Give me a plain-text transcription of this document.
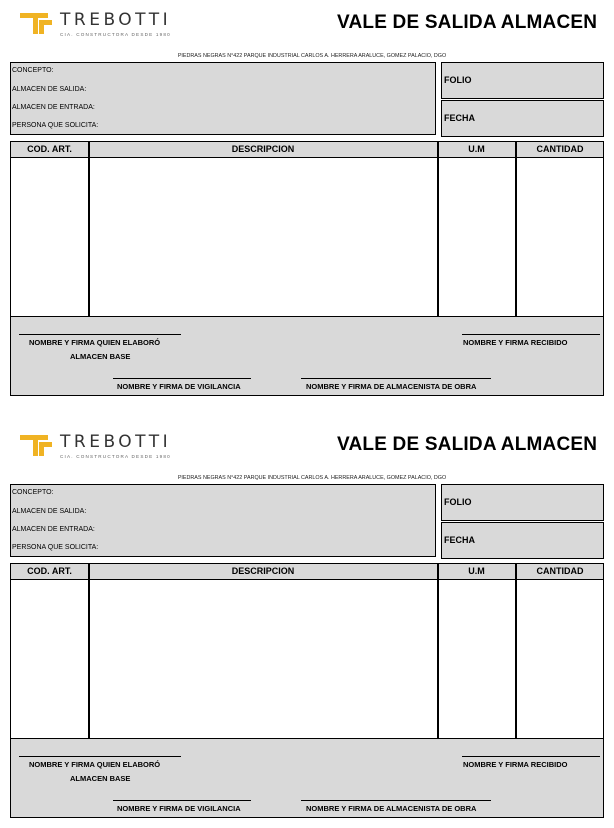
TREBOTTI
CIA. CONSTRUCTORA DESDE 1980
VALE DE SALIDA ALMACEN
PIEDRAS NEGRAS N°422 PARQUE INDUSTRIAL CARLOS A. HERRERA ARALUCE, GOMEZ PALACIO, DGO
CONCEPTO:
ALMACEN DE SALIDA:
ALMACEN DE ENTRADA:
PERSONA QUE SOLICITA:
FOLIO
FECHA
COD. ART.	DESCRIPCION	U.M	CANTIDAD
NOMBRE Y FIRMA QUIEN ELABORÓ
ALMACEN BASE
NOMBRE Y FIRMA RECIBIDO
NOMBRE Y FIRMA DE VIGILANCIA	NOMBRE Y FIRMA DE ALMACENISTA DE OBRA
TREBOTTI
CIA. CONSTRUCTORA DESDE 1980
VALE DE SALIDA ALMACEN
PIEDRAS NEGRAS N°422 PARQUE INDUSTRIAL CARLOS A. HERRERA ARALUCE, GOMEZ PALACIO, DGO
CONCEPTO:
ALMACEN DE SALIDA:
ALMACEN DE ENTRADA:
PERSONA QUE SOLICITA:
FOLIO
FECHA
COD. ART.	DESCRIPCION	U.M	CANTIDAD
NOMBRE Y FIRMA QUIEN ELABORÓ
ALMACEN BASE
NOMBRE Y FIRMA RECIBIDO
NOMBRE Y FIRMA DE VIGILANCIA	NOMBRE Y FIRMA DE ALMACENISTA DE OBRA
